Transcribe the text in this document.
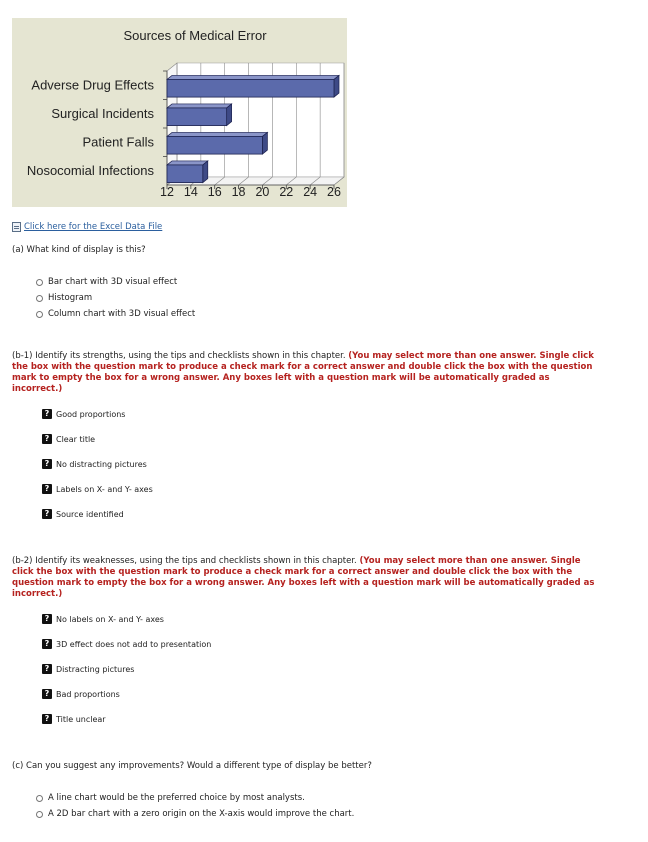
Sources of Medical Error
12 14 16 18 20 22 24 26
Adverse Drug Effects
Surgical Incidents
Patient Falls
Nosocomial Infections
Click here for the Excel Data File
(a) What kind of display is this?
Bar chart with 3D visual effect
Histogram
Column chart with 3D visual effect
(b-1) Identify its strengths, using the tips and checklists shown in this chapter. (You may select more than one answer. Single click the box with the question mark to produce a check mark for a correct answer and double click the box with the question mark to empty the box for a wrong answer. Any boxes left with a question mark will be automatically graded as incorrect.)
? Good proportions
? Clear title
? No distracting pictures
? Labels on X- and Y- axes
? Source identified
(b-2) Identify its weaknesses, using the tips and checklists shown in this chapter. (You may select more than one answer. Single click the box with the question mark to produce a check mark for a correct answer and double click the box with the question mark to empty the box for a wrong answer. Any boxes left with a question mark will be automatically graded as incorrect.)
? No labels on X- and Y- axes
? 3D effect does not add to presentation
? Distracting pictures
? Bad proportions
? Title unclear
(c) Can you suggest any improvements? Would a different type of display be better?
A line chart would be the preferred choice by most analysts.
A 2D bar chart with a zero origin on the X-axis would improve the chart.
